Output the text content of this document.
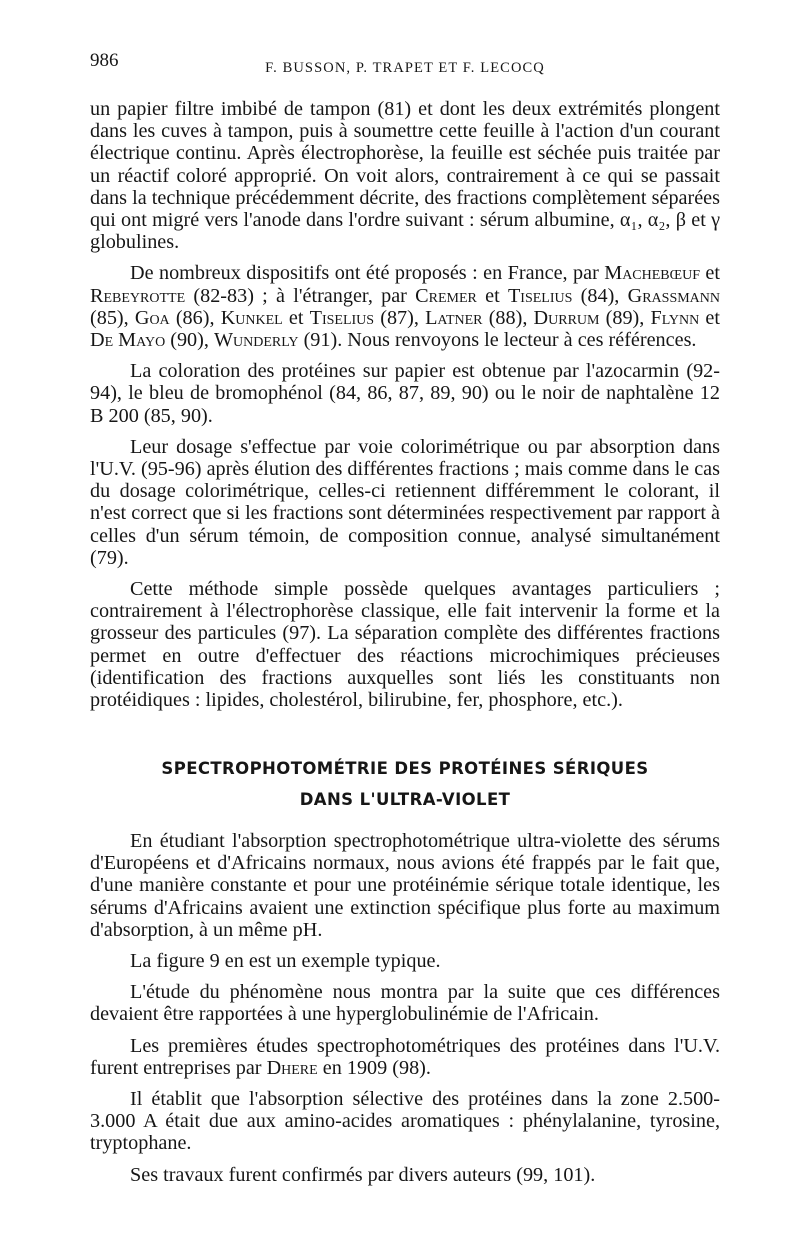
986	F. BUSSON, P. TRAPET ET F. LECOCQ

un papier filtre imbibé de tampon (81) et dont les deux extrémités plongent dans les cuves à tampon, puis à soumettre cette feuille à l'action d'un courant électrique continu. Après électrophorèse, la feuille est séchée puis traitée par un réactif coloré approprié. On voit alors, contrairement à ce qui se passait dans la technique précédemment décrite, des fractions complètement séparées qui ont migré vers l'anode dans l'ordre suivant : sérum albumine, α₁, α₂, β et γ globulines.

De nombreux dispositifs ont été proposés : en France, par Machebœuf et Rebeyrotte (82-83) ; à l'étranger, par Cremer et Tiselius (84), Grassmann (85), Goa (86), Kunkel et Tiselius (87), Latner (88), Durrum (89), Flynn et De Mayo (90), Wunderly (91). Nous renvoyons le lecteur à ces références.

La coloration des protéines sur papier est obtenue par l'azocarmin (92-94), le bleu de bromophénol (84, 86, 87, 89, 90) ou le noir de naphtalène 12 B 200 (85, 90).

Leur dosage s'effectue par voie colorimétrique ou par absorption dans l'U.V. (95-96) après élution des différentes fractions ; mais comme dans le cas du dosage colorimétrique, celles-ci retiennent différemment le colorant, il n'est correct que si les fractions sont déterminées respectivement par rapport à celles d'un sérum témoin, de composition connue, analysé simultanément (79).

Cette méthode simple possède quelques avantages particuliers ; contrairement à l'électrophorèse classique, elle fait intervenir la forme et la grosseur des particules (97). La séparation complète des différentes fractions permet en outre d'effectuer des réactions microchimiques précieuses (identification des fractions auxquelles sont liés les constituants non protéidiques : lipides, cholestérol, bilirubine, fer, phosphore, etc.).

SPECTROPHOTOMÉTRIE DES PROTÉINES SÉRIQUES
DANS L'ULTRA-VIOLET

En étudiant l'absorption spectrophotométrique ultra-violette des sérums d'Européens et d'Africains normaux, nous avions été frappés par le fait que, d'une manière constante et pour une protéinémie sérique totale identique, les sérums d'Africains avaient une extinction spécifique plus forte au maximum d'absorption, à un même pH.

La figure 9 en est un exemple typique.

L'étude du phénomène nous montra par la suite que ces différences devaient être rapportées à une hyperglobulinémie de l'Africain.

Les premières études spectrophotométriques des protéines dans l'U.V. furent entreprises par Dhere en 1909 (98).

Il établit que l'absorption sélective des protéines dans la zone 2.500-3.000 A était due aux amino-acides aromatiques : phénylalanine, tyrosine, tryptophane.

Ses travaux furent confirmés par divers auteurs (99, 101).
